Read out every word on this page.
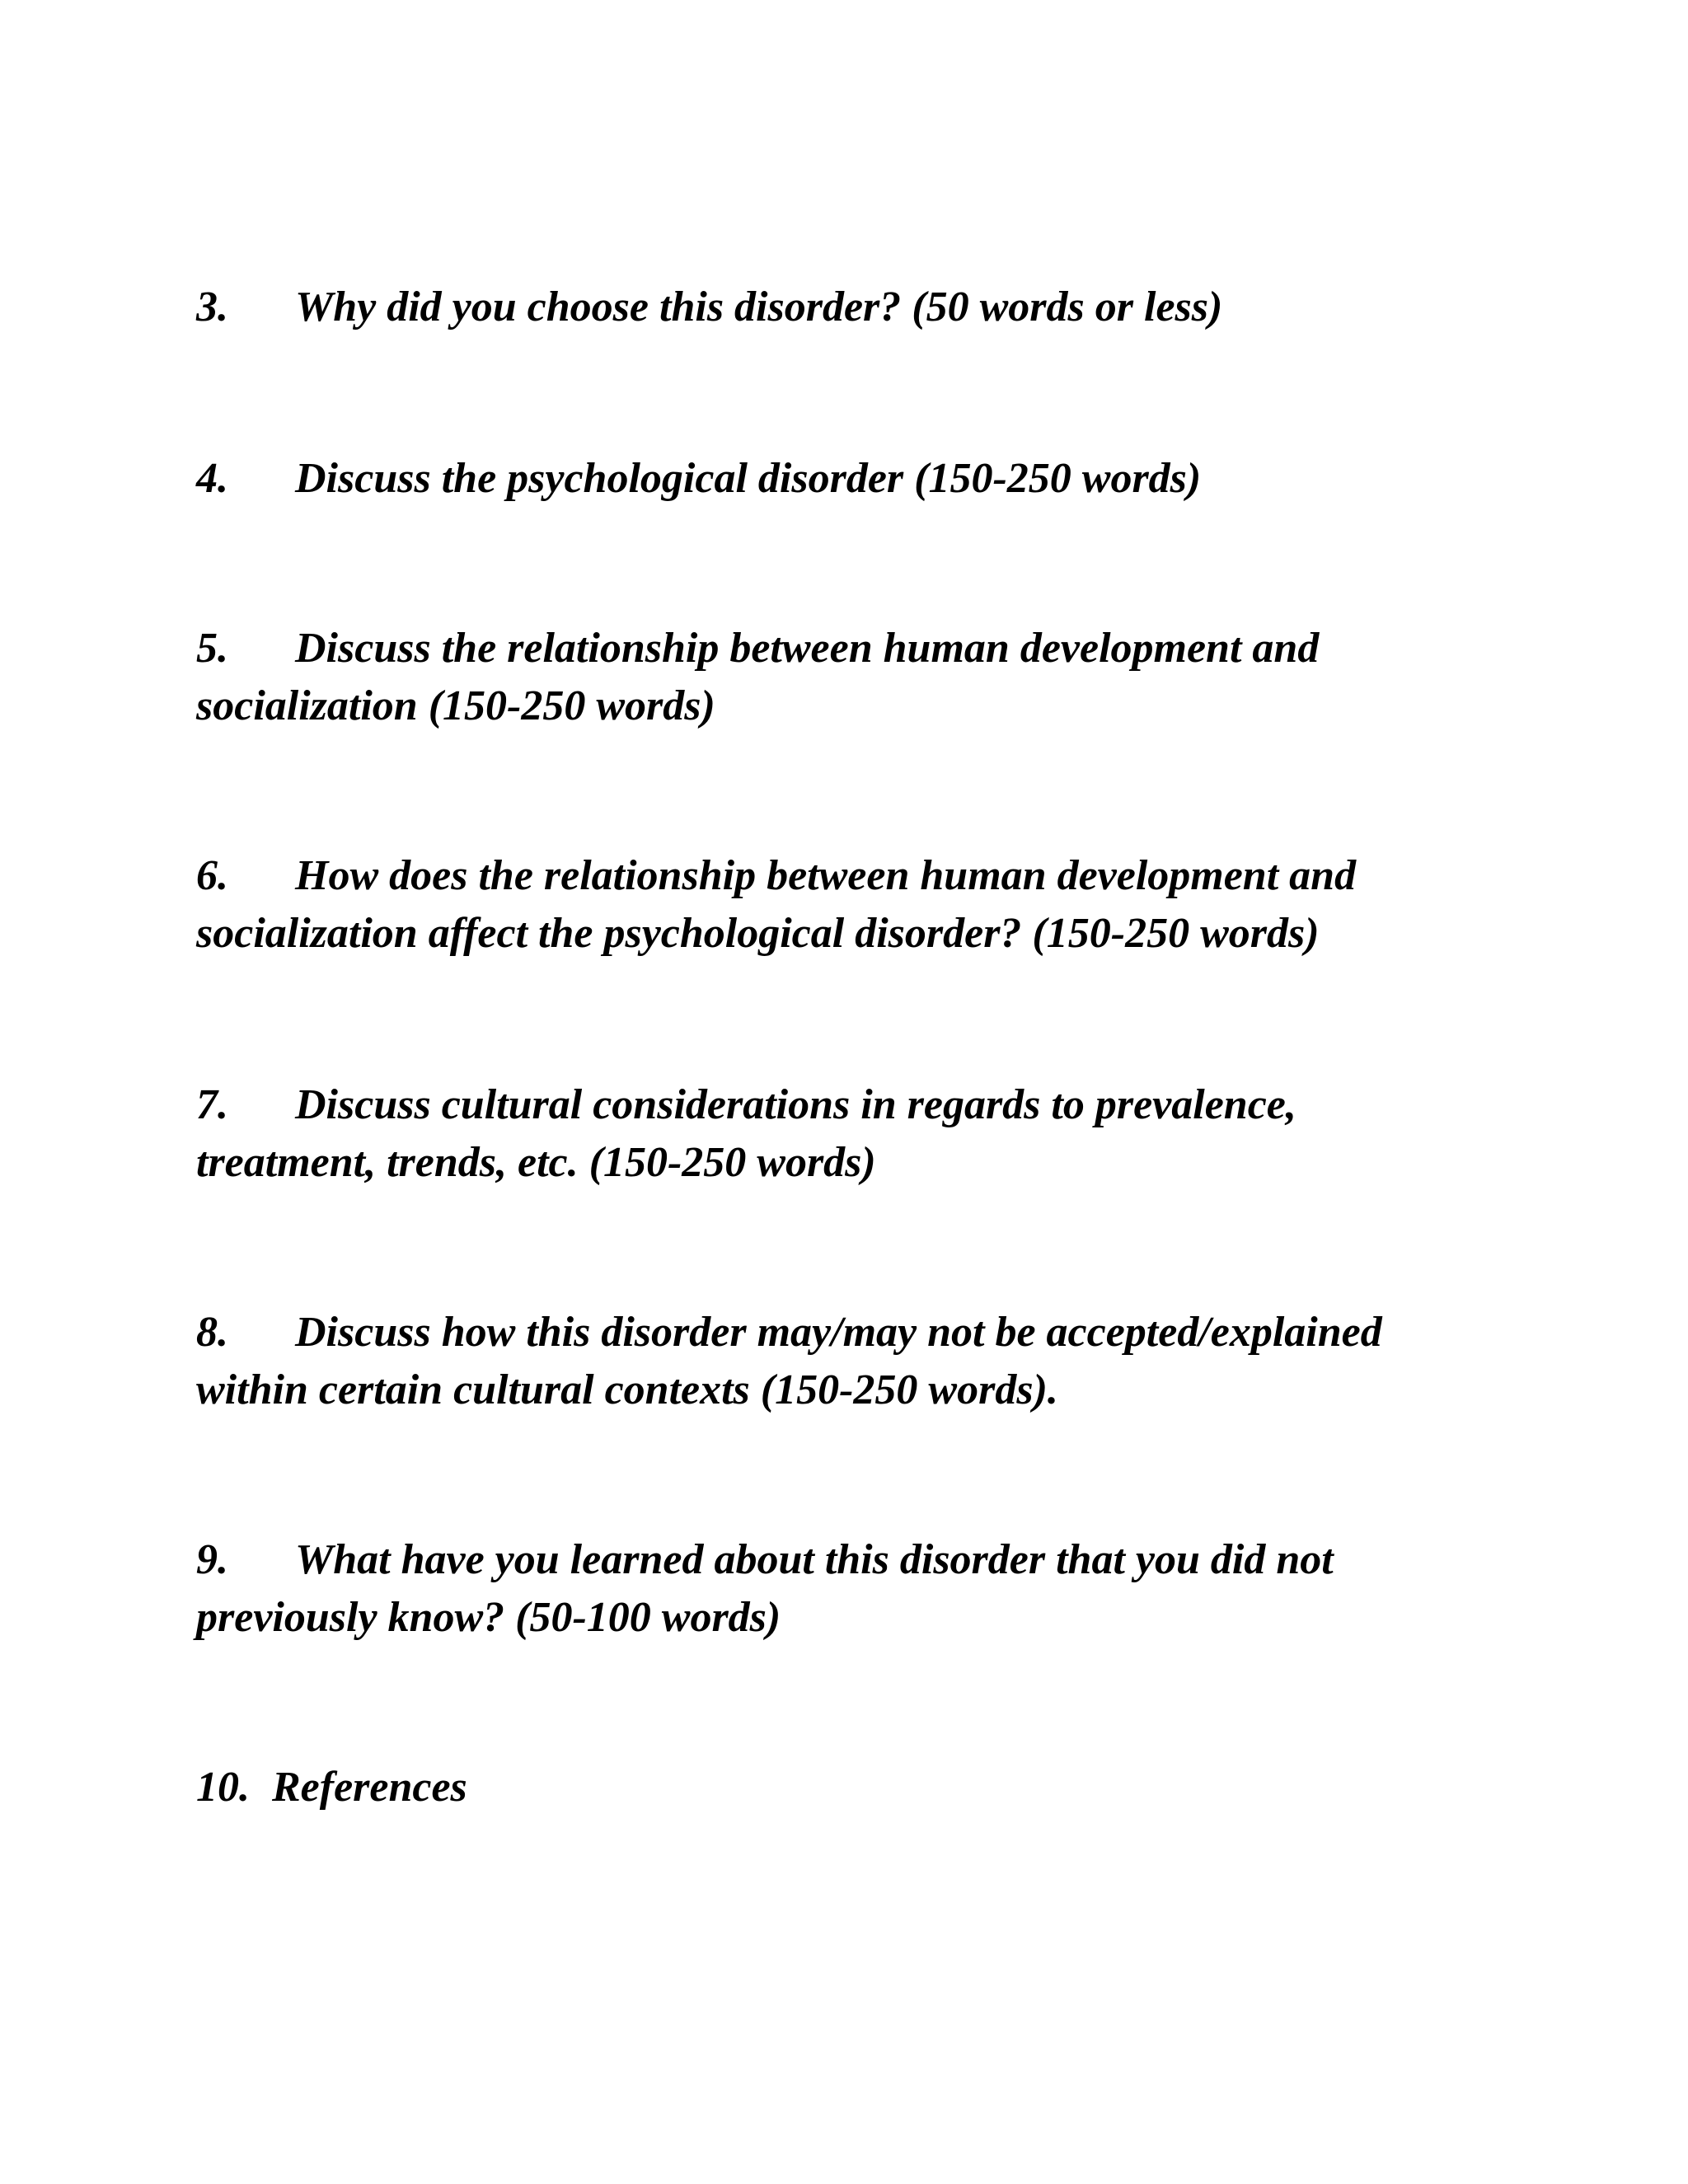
3. Why did you choose this disorder? (50 words or less)
4. Discuss the psychological disorder (150-250 words)
5. Discuss the relationship between human development and
socialization (150-250 words)
6. How does the relationship between human development and
socialization affect the psychological disorder? (150-250 words)
7. Discuss cultural considerations in regards to prevalence,
treatment, trends, etc. (150-250 words)
8. Discuss how this disorder may/may not be accepted/explained
within certain cultural contexts (150-250 words).
9. What have you learned about this disorder that you did not
previously know? (50-100 words)
10. References
